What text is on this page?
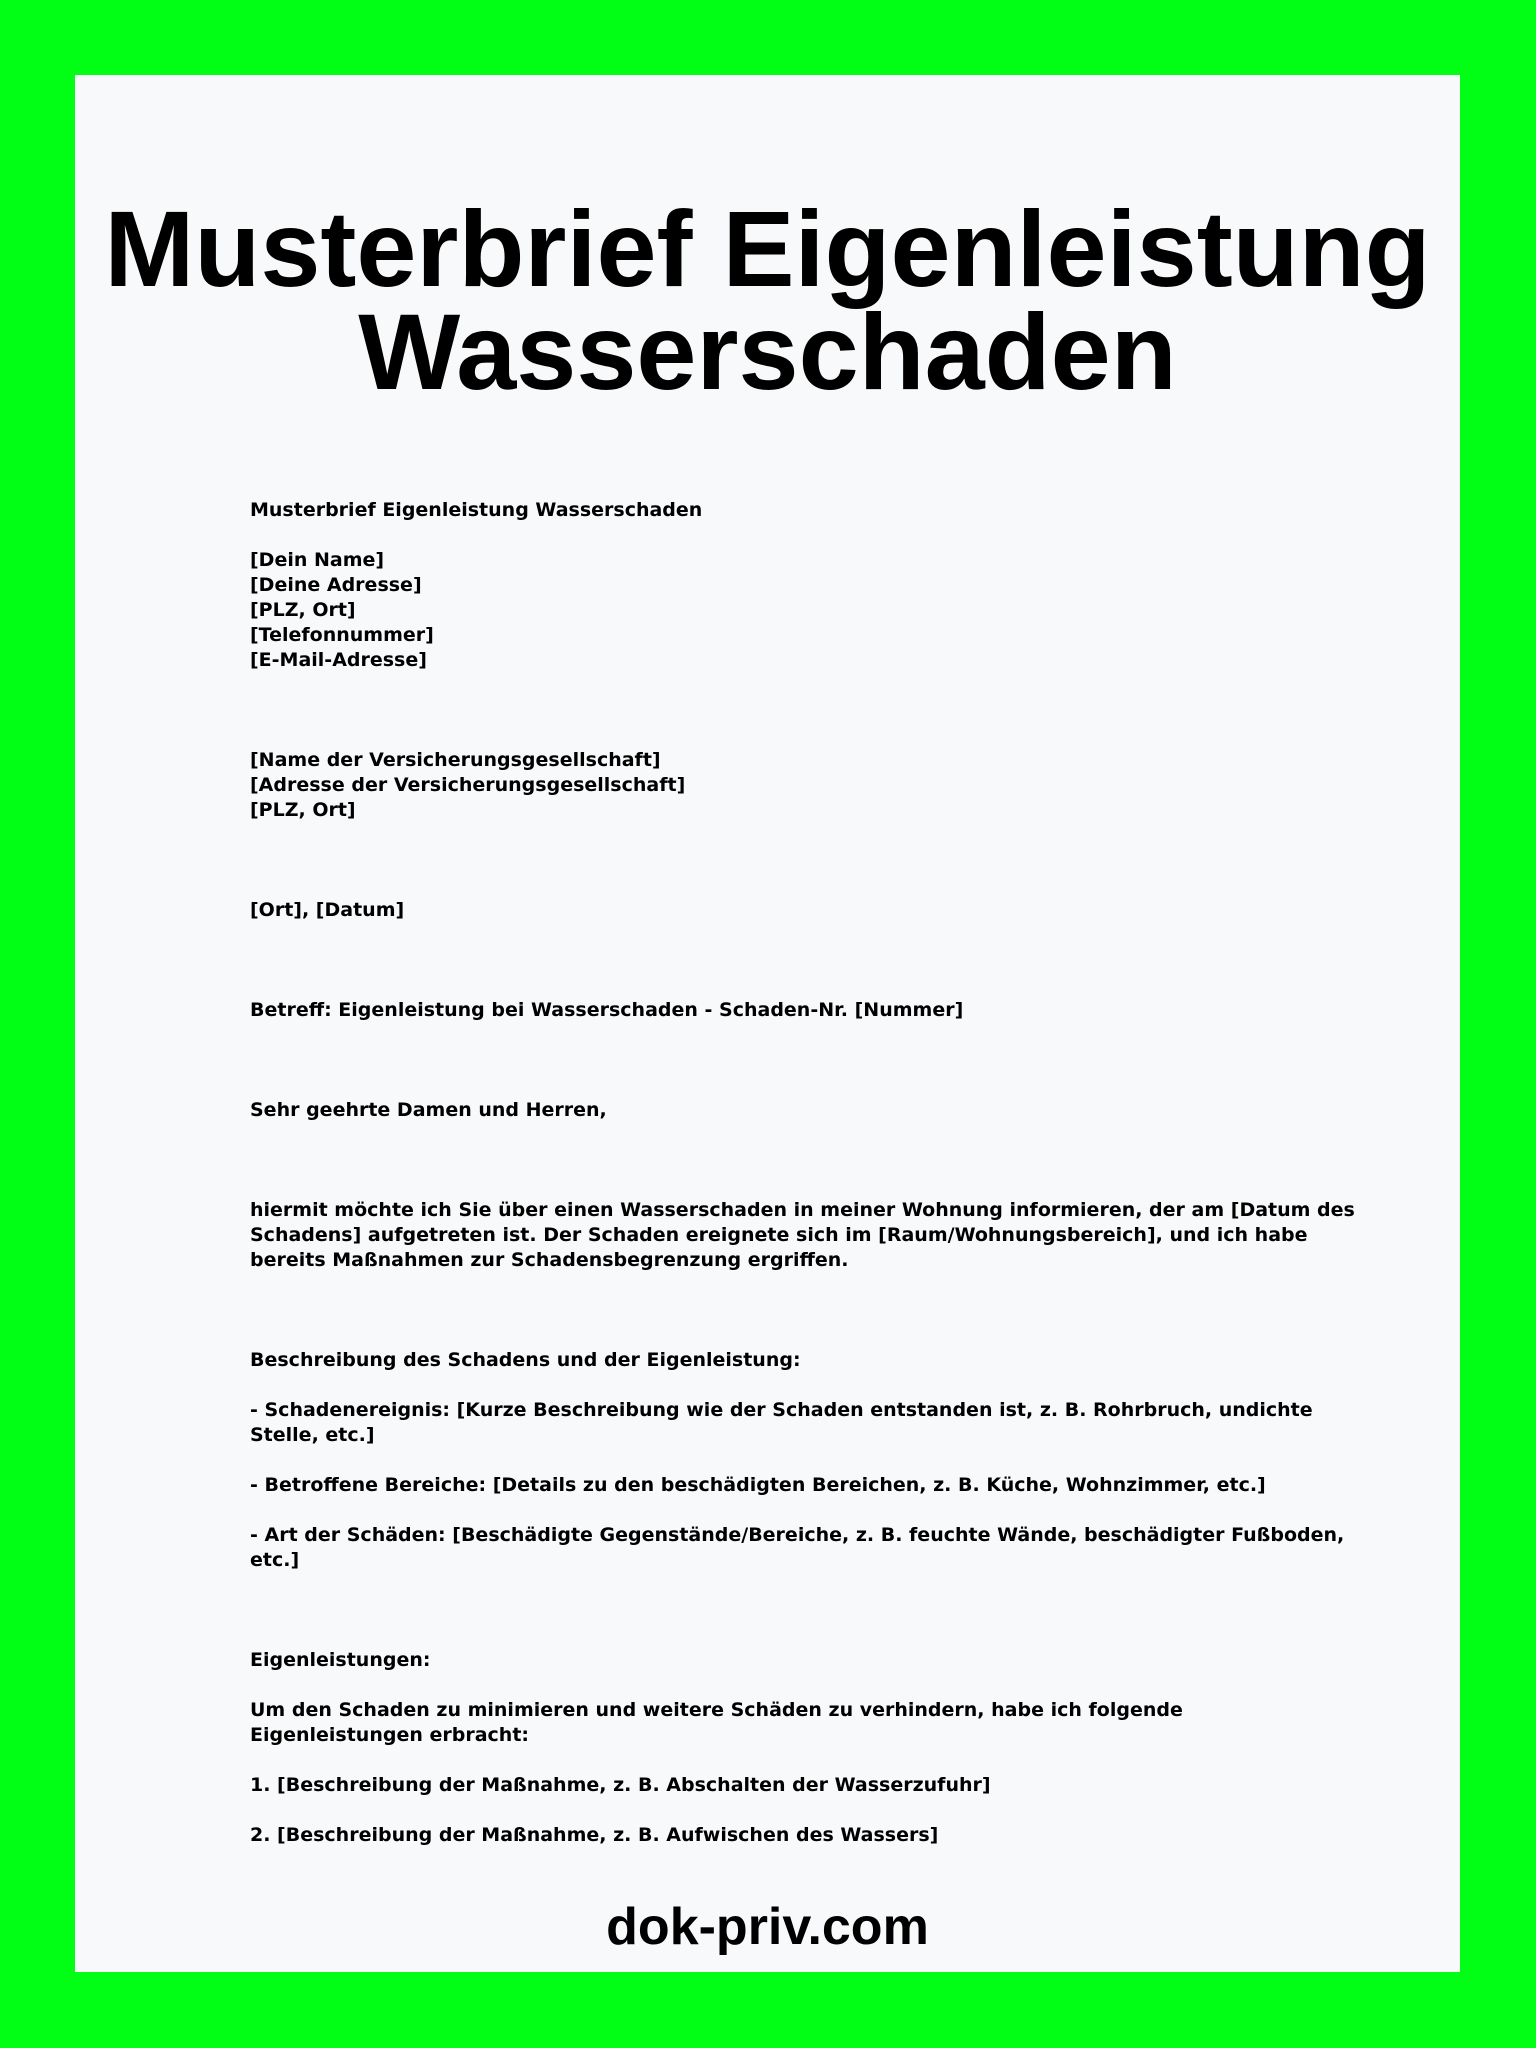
Musterbrief Eigenleistung
Wasserschaden
Musterbrief Eigenleistung Wasserschaden
[Dein Name]
[Deine Adresse]
[PLZ, Ort]
[Telefonnummer]
[E-Mail-Adresse]
[Name der Versicherungsgesellschaft]
[Adresse der Versicherungsgesellschaft]
[PLZ, Ort]
[Ort], [Datum]
Betreff: Eigenleistung bei Wasserschaden - Schaden-Nr. [Nummer]
Sehr geehrte Damen und Herren,
hiermit möchte ich Sie über einen Wasserschaden in meiner Wohnung informieren, der am [Datum des Schadens] aufgetreten ist. Der Schaden ereignete sich im [Raum/Wohnungsbereich], und ich habe bereits Maßnahmen zur Schadensbegrenzung ergriffen.
Beschreibung des Schadens und der Eigenleistung:
- Schadenereignis: [Kurze Beschreibung wie der Schaden entstanden ist, z. B. Rohrbruch, undichte Stelle, etc.]
- Betroffene Bereiche: [Details zu den beschädigten Bereichen, z. B. Küche, Wohnzimmer, etc.]
- Art der Schäden: [Beschädigte Gegenstände/Bereiche, z. B. feuchte Wände, beschädigter Fußboden, etc.]
Eigenleistungen:
Um den Schaden zu minimieren und weitere Schäden zu verhindern, habe ich folgende Eigenleistungen erbracht:
1. [Beschreibung der Maßnahme, z. B. Abschalten der Wasserzufuhr]
2. [Beschreibung der Maßnahme, z. B. Aufwischen des Wassers]
dok-priv.com
